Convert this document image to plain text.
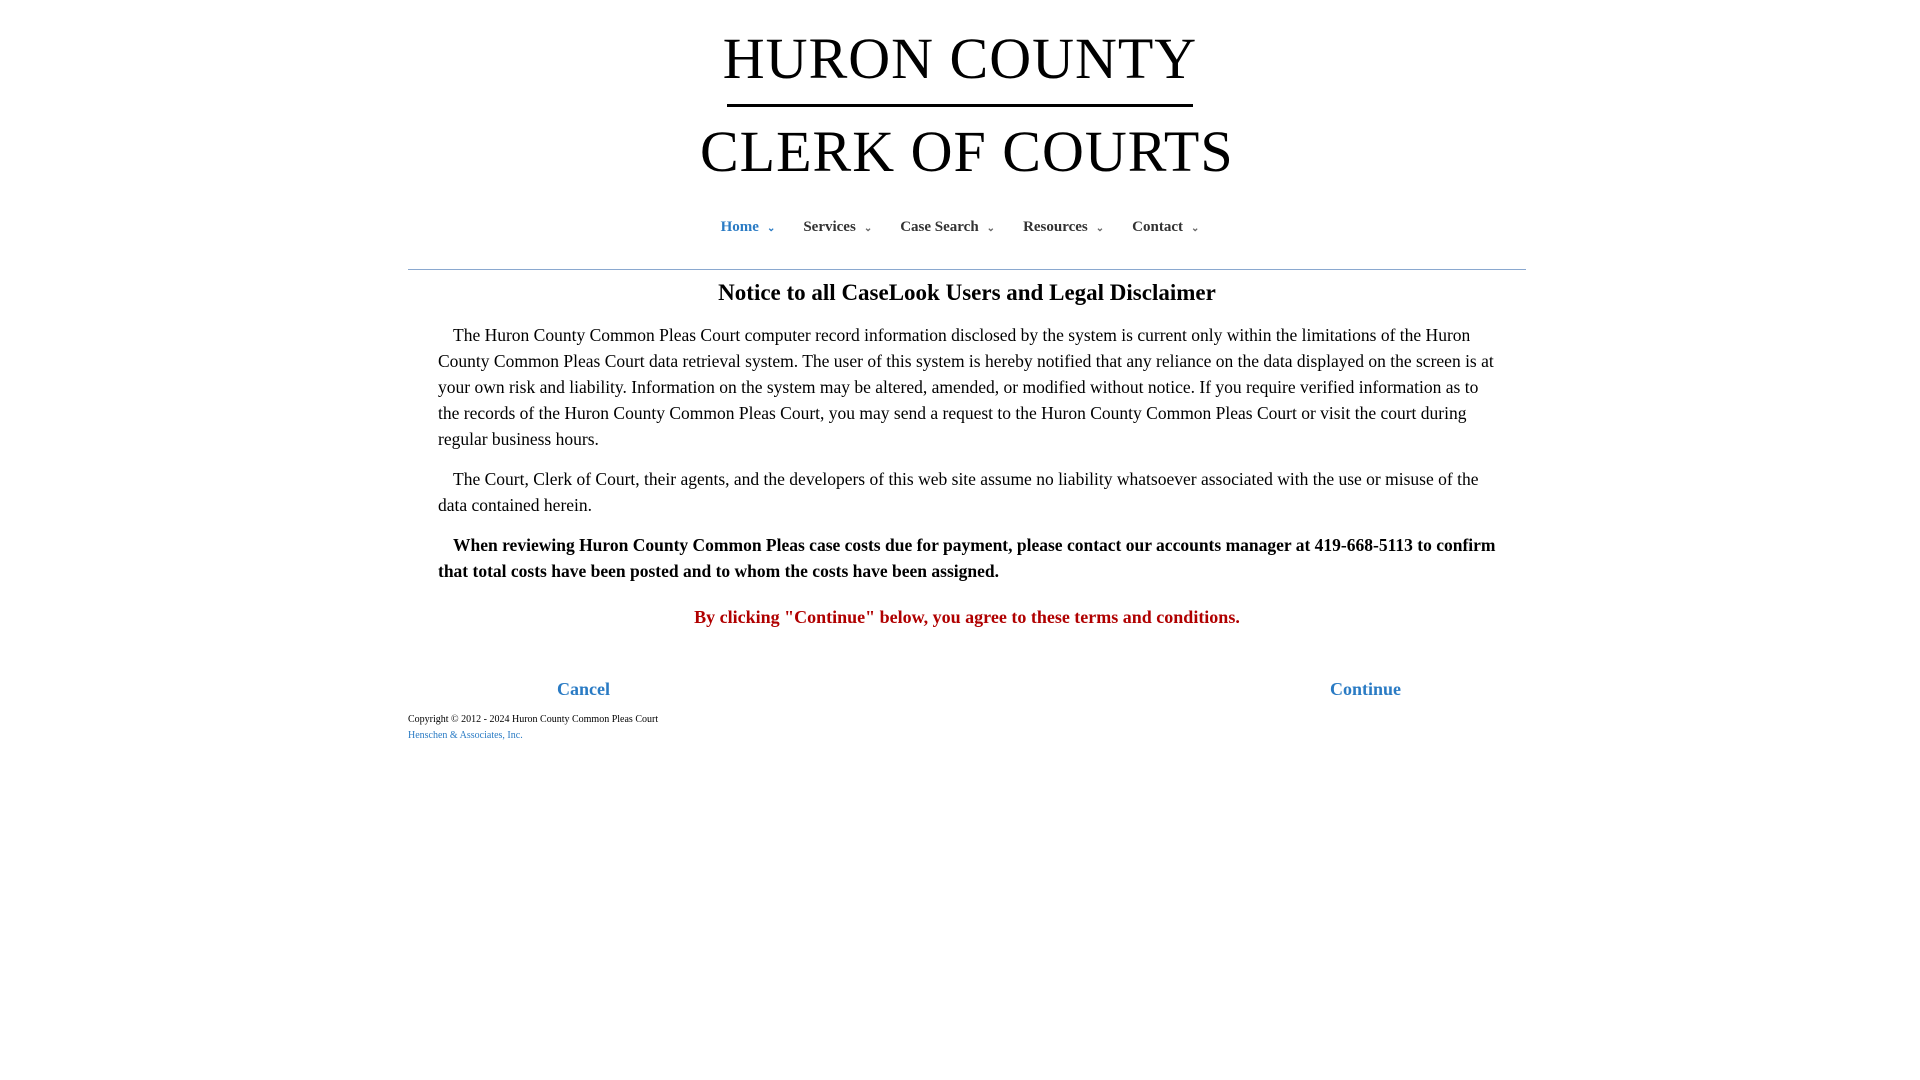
HURON COUNTY
CLERK OF COURTS
Home ⌄ Services ⌄ Case Search ⌄ Resources ⌄ Contact ⌄
Notice to all CaseLook Users and Legal Disclaimer

The Huron County Common Pleas Court computer record information disclosed by the system is current only within the limitations of the Huron County Common Pleas Court data retrieval system. The user of this system is hereby notified that any reliance on the data displayed on the screen is at your own risk and liability. Information on the system may be altered, amended, or modified without notice. If you require verified information as to the records of the Huron County Common Pleas Court, you may send a request to the Huron County Common Pleas Court or visit the court during regular business hours.

The Court, Clerk of Court, their agents, and the developers of this web site assume no liability whatsoever associated with the use or misuse of the data contained herein.

When reviewing Huron County Common Pleas case costs due for payment, please contact our accounts manager at 419-668-5113 to confirm that total costs have been posted and to whom the costs have been assigned.

By clicking "Continue" below, you agree to these terms and conditions.
Cancel	Continue
Copyright © 2012 - 2024 Huron County Common Pleas Court
Henschen & Associates, Inc.
